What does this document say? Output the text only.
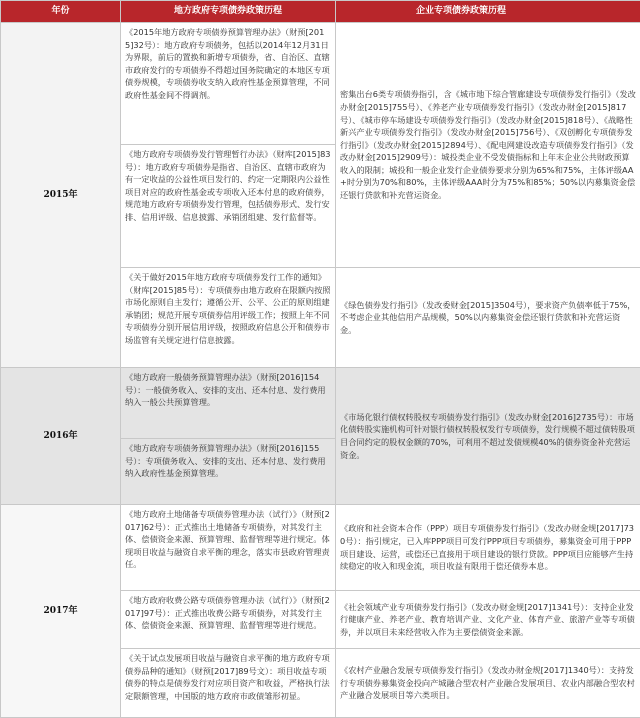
年份	地方政府专项债券政策历程	企业专项债券政策历程
2015年	《2015年地方政府专项债券预算管理办法》（财预[2015]32号）：地方政府专项债务，包括以2014年12月31日为界限，前后的置换和新增专项债券，省、自治区、直辖市政府发行的专项债券不得超过国务院确定的本地区专项债券规模，专项债券收支纳入政府性基金预算管理，不同政府性基金间不得调剂。	密集出台6类专项债券指引，含《城市地下综合管廊建设专项债券发行指引》（发改办财金[2015]755号）、《养老产业专项债券发行指引》（发改办财金[2015]817号）、《城市停车场建设专项债券发行指引》（发改办财金[2015]818号）、《战略性新兴产业专项债券发行指引》（发改办财金[2015]756号）、《双创孵化专项债券发行指引》（发改办财金[2015]2894号）、《配电网建设改造专项债券发行指引》（发改办财金[2015]2909号）：城投类企业不受发债指标和上年末企业公共财政预算收入的限制；城投和一般企业发行企业债券要求分别为65%和75%，主体评级AA+时分别为70%和80%，主体评级AAA时分为75%和85%；50%以内募集资金偿还银行贷款和补充营运资金。
	《地方政府专项债券发行管理暂行办法》（财库[2015]83号）：地方政府专项债券是指省、自治区、直辖市政府为有一定收益的公益性项目发行的、约定一定期限内公益性项目对应的政府性基金或专项收入还本付息的政府债券，规范地方政府专项债券发行管理，包括债券形式、发行安排、信用评级、信息披露、承销团组建、发行监督等。	
	《关于做好2015年地方政府专项债券发行工作的通知》（财库[2015]85号）：专项债券由地方政府在限额内按照市场化原则自主发行；遵循公开、公平、公正的原则组建承销团；规范开展专项债券信用评级工作；按照上年不同专项债券分别开展信用评级，按照政府信息公开和债券市场监管有关规定进行信息披露。	《绿色债券发行指引》（发改委财金[2015]3504号），要求资产负债率低于75%，不考虑企业其他信用产品规模，50%以内募集资金偿还银行贷款和补充营运资金。
2016年	《地方政府一般债务预算管理办法》（财预[2016]154号）：一般债务收入、安排的支出、还本付息、发行费用纳入一般公共预算管理。	《市场化银行债权转股权专项债券发行指引》（发改办财金[2016]2735号）：市场化债转股实施机构可针对银行债权转股权发行专项债券，发行规模不超过债转股项目合同约定的股权金额的70%，可利用不超过发债规模40%的债券资金补充营运资金。
	《地方政府专项债务预算管理办法》（财预[2016]155号）：专项债务收入、安排的支出、还本付息、发行费用纳入政府性基金预算管理。	
2017年	《地方政府土地储备专项债券管理办法（试行）》（财预[2017]62号）：正式推出土地储备专项债券，对其发行主体、偿债资金来源、预算管理、监督管理等进行规定。体现项目收益与融资自求平衡的理念，落实市县政府管理责任。	《政府和社会资本合作（PPP）项目专项债券发行指引》（发改办财金规[2017]730号）：指引规定，已入库PPP项目可发行PPP项目专项债券，募集资金可用于PPP项目建设、运营，或偿还已直接用于项目建设的银行贷款。PPP项目应能够产生持续稳定的收入和现金流，项目收益有限用于偿还债券本息。
	《地方政府收费公路专项债券管理办法（试行）》（财预[2017]97号）：正式推出收费公路专项债券，对其发行主体、偿债资金来源、预算管理、监督管理等进行规范。	《社会领域产业专项债券发行指引》（发改办财金规[2017]1341号）：支持企业发行健康产业、养老产业、教育培训产业、文化产业、体育产业、旅游产业等专项债券，并以项目未来经营收入作为主要偿债资金来源。
	《关于试点发展项目收益与融资自求平衡的地方政府专项债券品种的通知》（财预[2017]89号文）：项目收益专项债券的特点是债券发行对应项目资产和收益，严格执行法定限额管理，中国版的地方政府市政债雏形初显。	《农村产业融合发展专项债券发行指引》（发改办财金规[2017]1340号）：支持发行专项债券募集资金投向产城融合型农村产业融合发展项目、农业内部融合型农村产业融合发展项目等六类项目。
